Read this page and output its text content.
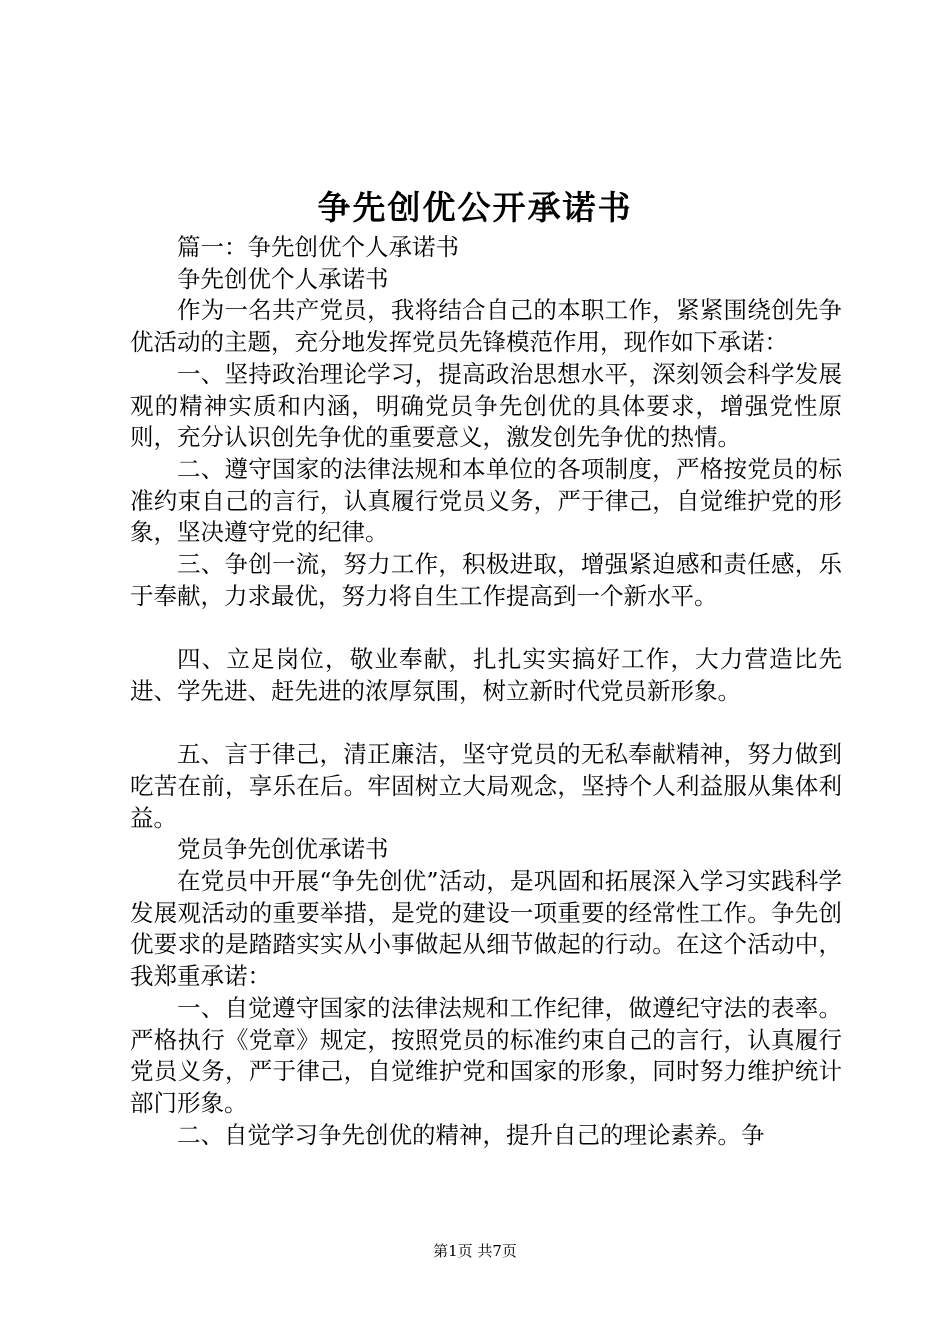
争先创优公开承诺书

篇一：争先创优个人承诺书

争先创优个人承诺书

作为一名共产党员，我将结合自己的本职工作，紧紧围绕创先争优活动的主题，充分地发挥党员先锋模范作用，现作如下承诺：

一、坚持政治理论学习，提高政治思想水平，深刻领会科学发展观的精神实质和内涵，明确党员争先创优的具体要求，增强党性原则，充分认识创先争优的重要意义，激发创先争优的热情。

二、遵守国家的法律法规和本单位的各项制度，严格按党员的标准约束自己的言行，认真履行党员义务，严于律己，自觉维护党的形象，坚决遵守党的纪律。

三、争创一流，努力工作，积极进取，增强紧迫感和责任感，乐于奉献，力求最优，努力将自生工作提高到一个新水平。

四、立足岗位，敬业奉献，扎扎实实搞好工作，大力营造比先进、学先进、赶先进的浓厚氛围，树立新时代党员新形象。

五、言于律己，清正廉洁，坚守党员的无私奉献精神，努力做到吃苦在前，享乐在后。牢固树立大局观念，坚持个人利益服从集体利益。

党员争先创优承诺书

在党员中开展“争先创优”活动，是巩固和拓展深入学习实践科学发展观活动的重要举措，是党的建设一项重要的经常性工作。争先创优要求的是踏踏实实从小事做起从细节做起的行动。在这个活动中，我郑重承诺：

一、自觉遵守国家的法律法规和工作纪律，做遵纪守法的表率。严格执行《党章》规定，按照党员的标准约束自己的言行，认真履行党员义务，严于律己，自觉维护党和国家的形象，同时努力维护统计部门形象。

二、自觉学习争先创优的精神，提升自己的理论素养。争

第1页 共7页
